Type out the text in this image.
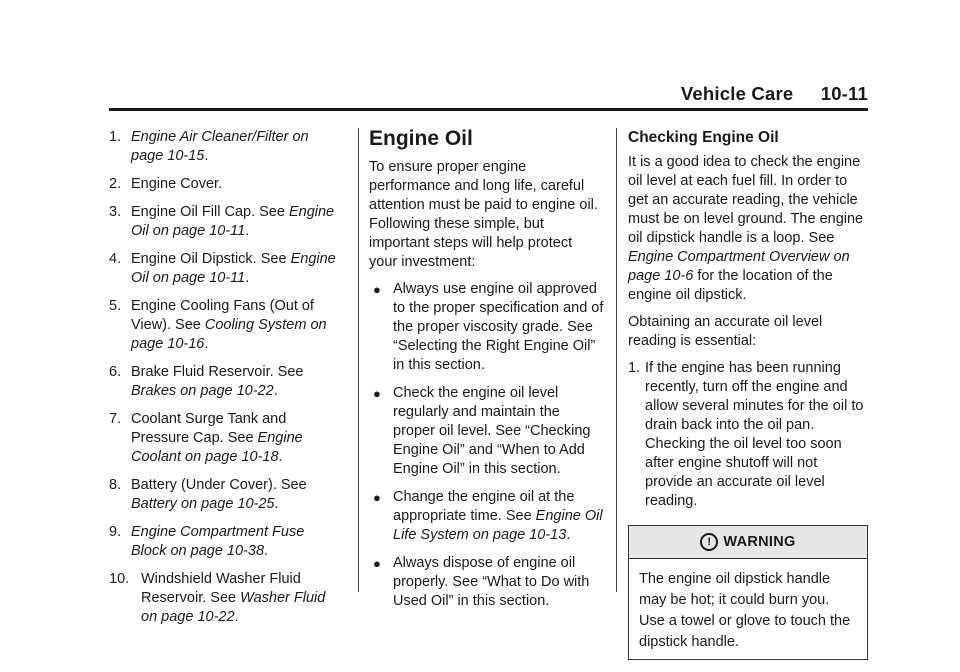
Vehicle Care 10-11
1. Engine Air Cleaner/Filter on page 10-15.
2. Engine Cover.
3. Engine Oil Fill Cap. See Engine Oil on page 10-11.
4. Engine Oil Dipstick. See Engine Oil on page 10-11.
5. Engine Cooling Fans (Out of View). See Cooling System on page 10-16.
6. Brake Fluid Reservoir. See Brakes on page 10-22.
7. Coolant Surge Tank and Pressure Cap. See Engine Coolant on page 10-18.
8. Battery (Under Cover). See Battery on page 10-25.
9. Engine Compartment Fuse Block on page 10-38.
10. Windshield Washer Fluid Reservoir. See Washer Fluid on page 10-22.
Engine Oil

To ensure proper engine performance and long life, careful attention must be paid to engine oil. Following these simple, but important steps will help protect your investment:

● Always use engine oil approved to the proper specification and of the proper viscosity grade. See “Selecting the Right Engine Oil” in this section.
● Check the engine oil level regularly and maintain the proper oil level. See “Checking Engine Oil” and “When to Add Engine Oil” in this section.
● Change the engine oil at the appropriate time. See Engine Oil Life System on page 10-13.
● Always dispose of engine oil properly. See “What to Do with Used Oil” in this section.
Checking Engine Oil

It is a good idea to check the engine oil level at each fuel fill. In order to get an accurate reading, the vehicle must be on level ground. The engine oil dipstick handle is a loop. See Engine Compartment Overview on page 10-6 for the location of the engine oil dipstick.

Obtaining an accurate oil level reading is essential:

1. If the engine has been running recently, turn off the engine and allow several minutes for the oil to drain back into the oil pan. Checking the oil level too soon after engine shutoff will not provide an accurate oil level reading.
! WARNING
The engine oil dipstick handle may be hot; it could burn you. Use a towel or glove to touch the dipstick handle.
